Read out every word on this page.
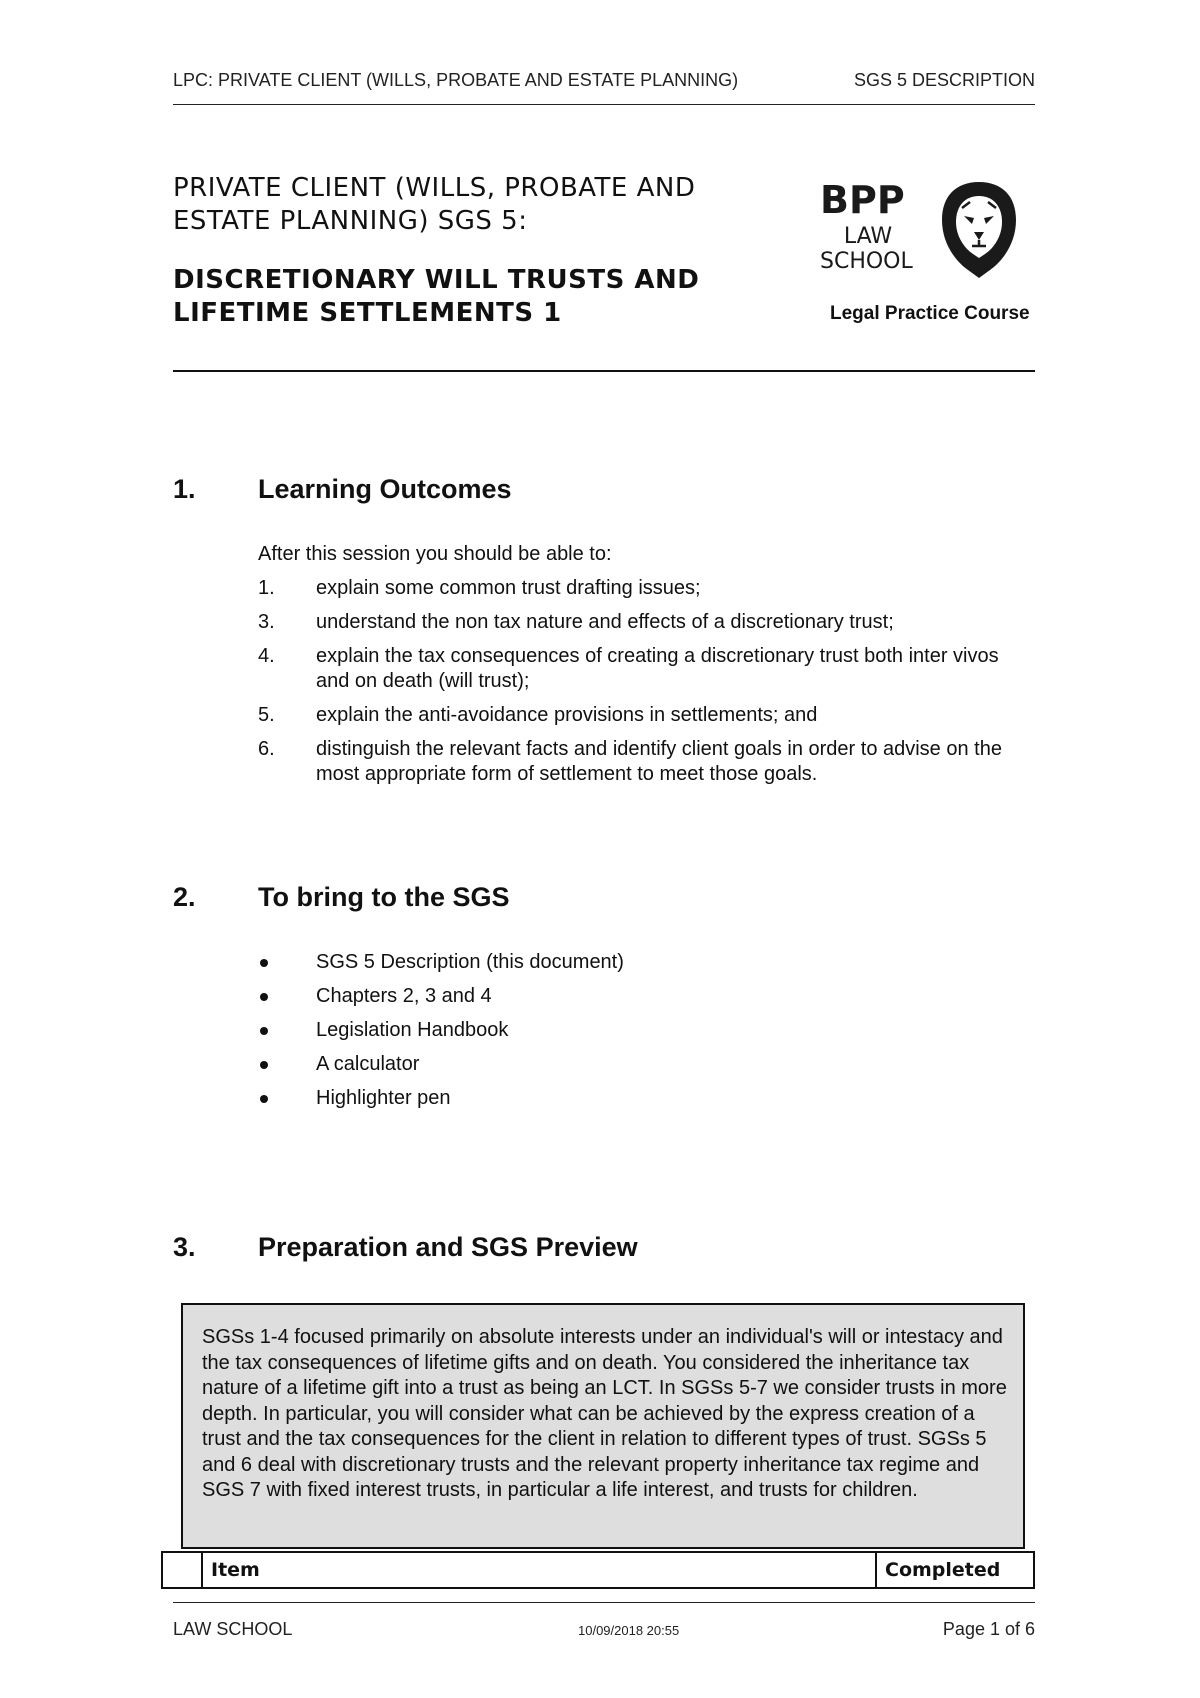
LPC: PRIVATE CLIENT (WILLS, PROBATE AND ESTATE PLANNING)	SGS 5 DESCRIPTION
PRIVATE CLIENT (WILLS, PROBATE AND
ESTATE PLANNING) SGS 5:
DISCRETIONARY WILL TRUSTS AND
LIFETIME SETTLEMENTS 1
BPP
LAW
SCHOOL
Legal Practice Course
1. Learning Outcomes
After this session you should be able to:
1. explain some common trust drafting issues;
3. understand the non tax nature and effects of a discretionary trust;
4. explain the tax consequences of creating a discretionary trust both inter vivos and on death (will trust);
5. explain the anti-avoidance provisions in settlements; and
6. distinguish the relevant facts and identify client goals in order to advise on the most appropriate form of settlement to meet those goals.
2. To bring to the SGS
SGS 5 Description (this document)
Chapters 2, 3 and 4
Legislation Handbook
A calculator
Highlighter pen
3. Preparation and SGS Preview
SGSs 1-4 focused primarily on absolute interests under an individual's will or intestacy and the tax consequences of lifetime gifts and on death. You considered the inheritance tax nature of a lifetime gift into a trust as being an LCT. In SGSs 5-7 we consider trusts in more depth. In particular, you will consider what can be achieved by the express creation of a trust and the tax consequences for the client in relation to different types of trust. SGSs 5 and 6 deal with discretionary trusts and the relevant property inheritance tax regime and SGS 7 with fixed interest trusts, in particular a life interest, and trusts for children.
	Item	Completed
LAW SCHOOL	10/09/2018 20:55	Page 1 of 6
